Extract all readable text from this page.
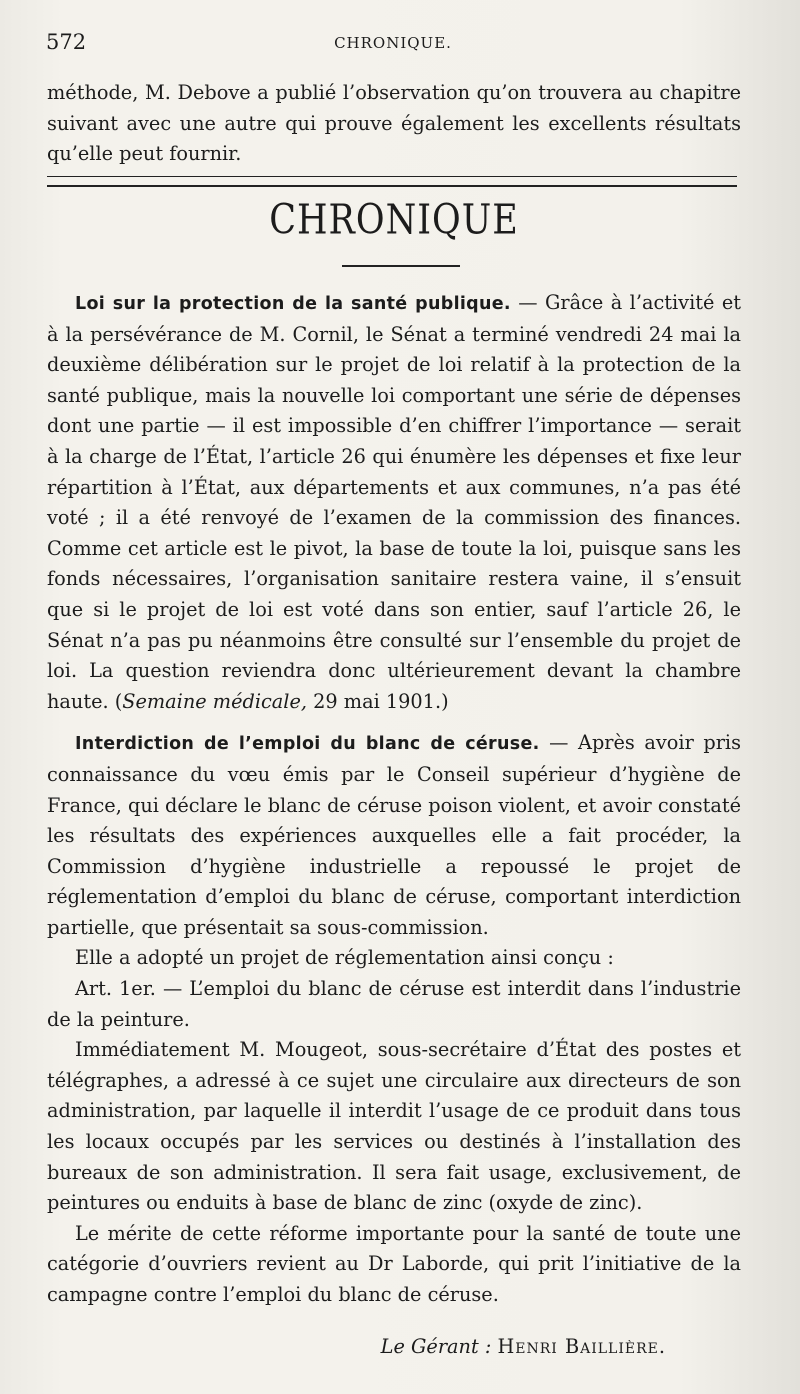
572	CHRONIQUE.

méthode, M. Debove a publié l’observation qu’on trouvera au chapitre suivant avec une autre qui prouve également les excellents résultats qu’elle peut fournir.

CHRONIQUE

Loi sur la protection de la santé publique. — Grâce à l’activité et à la persévérance de M. Cornil, le Sénat a terminé vendredi 24 mai la deuxième délibération sur le projet de loi relatif à la protection de la santé publique, mais la nouvelle loi comportant une série de dépenses dont une partie — il est impossible d’en chiffrer l’importance — serait à la charge de l’État, l’article 26 qui énumère les dépenses et fixe leur répartition à l’État, aux départements et aux communes, n’a pas été voté ; il a été renvoyé de l’examen de la commission des finances. Comme cet article est le pivot, la base de toute la loi, puisque sans les fonds nécessaires, l’organisation sanitaire restera vaine, il s’ensuit que si le projet de loi est voté dans son entier, sauf l’article 26, le Sénat n’a pas pu néanmoins être consulté sur l’ensemble du projet de loi. La question reviendra donc ultérieurement devant la chambre haute. (Semaine médicale, 29 mai 1901.)

Interdiction de l’emploi du blanc de céruse. — Après avoir pris connaissance du vœu émis par le Conseil supérieur d’hygiène de France, qui déclare le blanc de céruse poison violent, et avoir constaté les résultats des expériences auxquelles elle a fait procéder, la Commission d’hygiène industrielle a repoussé le projet de réglementation d’emploi du blanc de céruse, comportant interdiction partielle, que présentait sa sous-commission.

Elle a adopté un projet de réglementation ainsi conçu :

Art. 1er. — L’emploi du blanc de céruse est interdit dans l’industrie de la peinture.

Immédiatement M. Mougeot, sous-secrétaire d’État des postes et télégraphes, a adressé à ce sujet une circulaire aux directeurs de son administration, par laquelle il interdit l’usage de ce produit dans tous les locaux occupés par les services ou destinés à l’installation des bureaux de son administration. Il sera fait usage, exclusivement, de peintures ou enduits à base de blanc de zinc (oxyde de zinc).

Le mérite de cette réforme importante pour la santé de toute une catégorie d’ouvriers revient au Dr Laborde, qui prit l’initiative de la campagne contre l’emploi du blanc de céruse.

Le Gérant : Henri Baillière.
